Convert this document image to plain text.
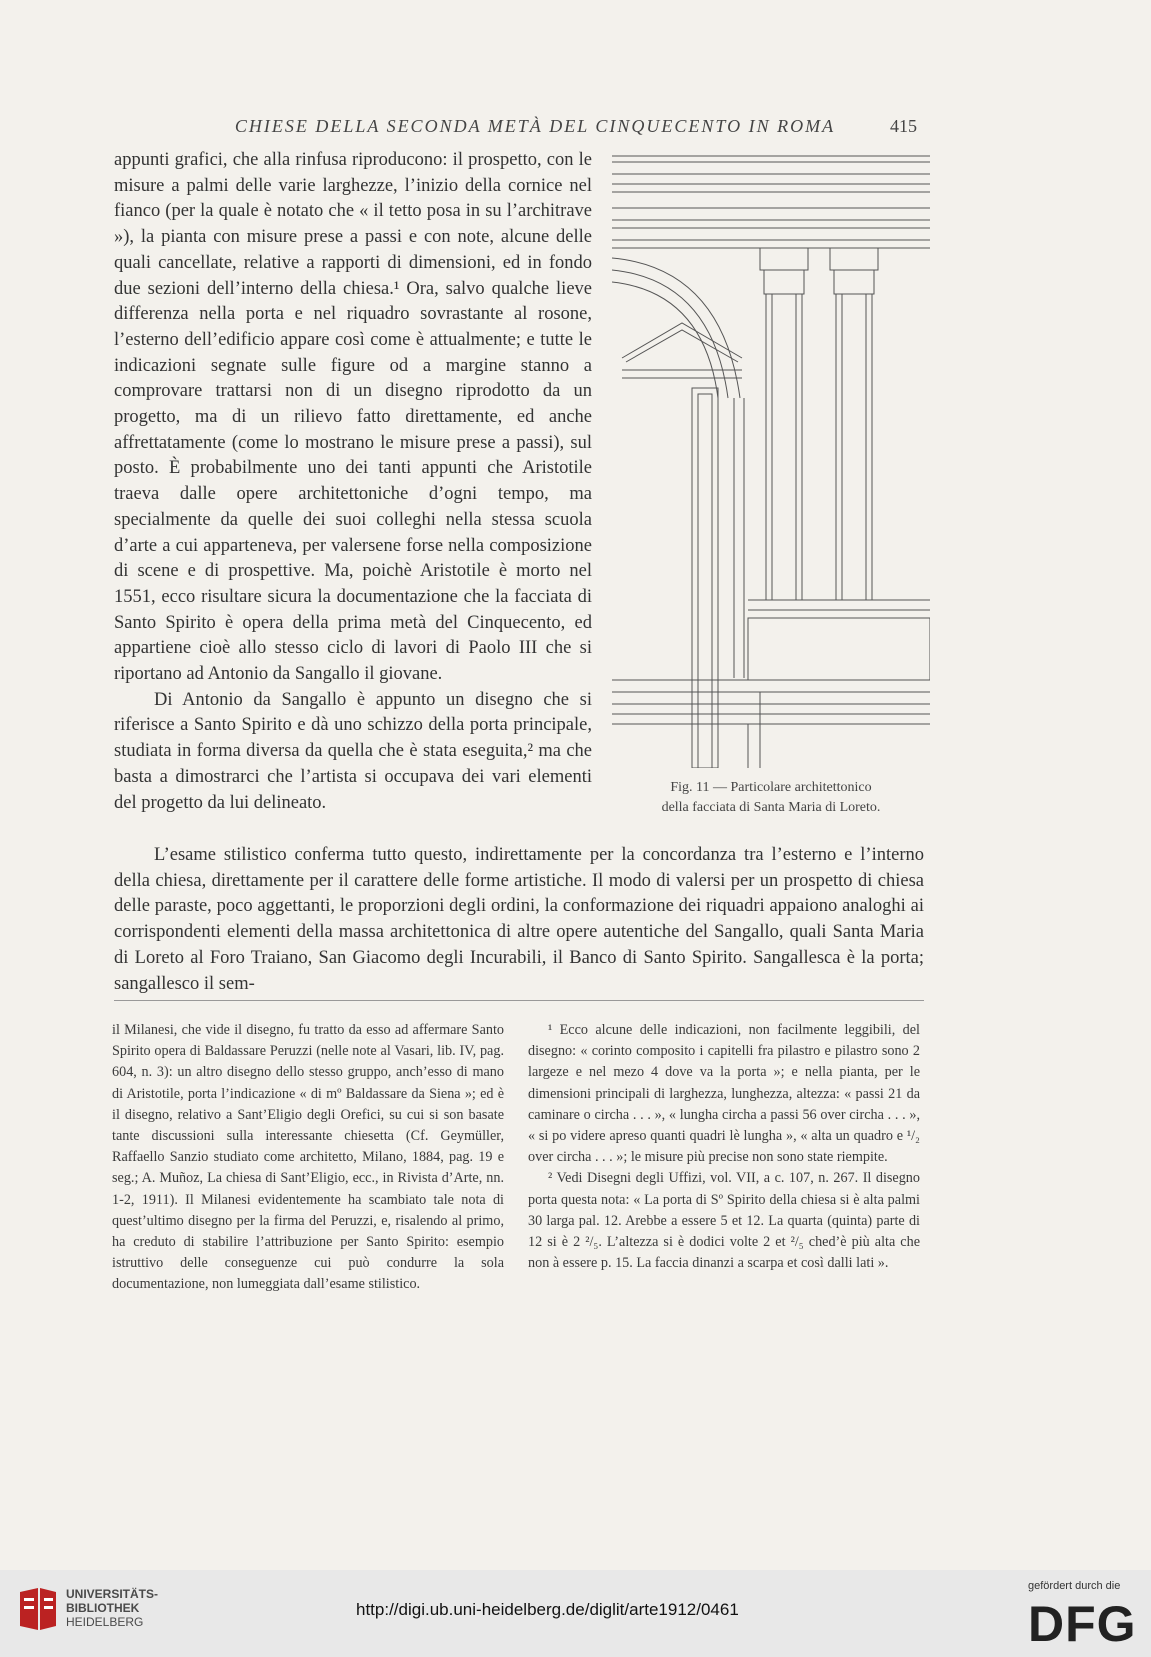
CHIESE DELLA SECONDA METÀ DEL CINQUECENTO IN ROMA	415

appunti grafici, che alla rinfusa riproducono: il prospetto, con le misure a palmi delle varie larghezze, l’inizio della cornice nel fianco (per la quale è notato che « il tetto posa in su l’architrave »), la pianta con misure prese a passi e con note, alcune delle quali cancellate, relative a rapporti di dimensioni, ed in fondo due sezioni dell’interno della chiesa.¹ Ora, salvo qualche lieve differenza nella porta e nel riquadro sovrastante al rosone, l’esterno dell’edificio appare così come è attualmente; e tutte le indicazioni segnate sulle figure od a margine stanno a comprovare trattarsi non di un disegno riprodotto da un progetto, ma di un rilievo fatto direttamente, ed anche affrettatamente (come lo mostrano le misure prese a passi), sul posto. È probabilmente uno dei tanti appunti che Aristotile traeva dalle opere architettoniche d’ogni tempo, ma specialmente da quelle dei suoi colleghi nella stessa scuola d’arte a cui apparteneva, per valersene forse nella composizione di scene e di prospettive. Ma, poichè Aristotile è morto nel 1551, ecco risultare sicura la documentazione che la facciata di Santo Spirito è opera della prima metà del Cinquecento, ed appartiene cioè allo stesso ciclo di lavori di Paolo III che si riportano ad Antonio da Sangallo il giovane.

Di Antonio da Sangallo è appunto un disegno che si riferisce a Santo Spirito e dà uno schizzo della porta principale, studiata in forma diversa da quella che è stata eseguita,² ma che basta a dimostrarci che l’artista si occupava dei vari elementi del progetto da lui delineato.

Fig. 11 — Particolare architettonico
della facciata di Santa Maria di Loreto.
L’esame stilistico conferma tutto questo, indirettamente per la concordanza tra l’esterno e l’interno della chiesa, direttamente per il carattere delle forme artistiche. Il modo di valersi per un prospetto di chiesa delle paraste, poco aggettanti, le proporzioni degli ordini, la conformazione dei riquadri appaiono analoghi ai corrispondenti elementi della massa architettonica di altre opere autentiche del Sangallo, quali Santa Maria di Loreto al Foro Traiano, San Giacomo degli Incurabili, il Banco di Santo Spirito. Sangallesca è la porta; sangallesco il sem-

il Milanesi, che vide il disegno, fu tratto da esso ad affermare Santo Spirito opera di Baldassare Peruzzi (nelle note al Vasari, lib. IV, pag. 604, n. 3): un altro disegno dello stesso gruppo, anch’esso di mano di Aristotile, porta l’indicazione « di mº Baldassare da Siena »; ed è il disegno, relativo a Sant’Eligio degli Orefici, su cui si son basate tante discussioni sulla interessante chiesetta (Cf. Geymüller, Raffaello Sanzio studiato come architetto, Milano, 1884, pag. 19 e seg.; A. Muñoz, La chiesa di Sant’Eligio, ecc., in Rivista d’Arte, nn. 1-2, 1911). Il Milanesi evidentemente ha scambiato tale nota di quest’ultimo disegno per la firma del Peruzzi, e, risalendo al primo, ha creduto di stabilire l’attribuzione per Santo Spirito: esempio istruttivo delle conseguenze cui può condurre la sola documentazione, non lumeggiata dall’esame stilistico.

¹ Ecco alcune delle indicazioni, non facilmente leggibili, del disegno: « corinto composito i capitelli fra pilastro e pilastro sono 2 largeze e nel mezo 4 dove va la porta »; e nella pianta, per le dimensioni principali di larghezza, lunghezza, altezza: « passi 21 da caminare o circha . . . », « lungha circha a passi 56 over circha . . . », « si po videre apreso quanti quadri lè lungha », « alta un quadro e ¹/₂ over circha . . . »; le misure più precise non sono state riempite.

² Vedi Disegni degli Uffizi, vol. VII, a c. 107, n. 267. Il disegno porta questa nota: « La porta di Sº Spirito della chiesa si è alta palmi 30 larga pal. 12. Arebbe a essere 5 et 12. La quarta (quinta) parte di 12 si è 2 ²/₅. L’altezza si è dodici volte 2 et ²/₅ ched’è più alta che non à essere p. 15. La faccia dinanzi a scarpa et così dalli lati ».

UNIVERSITÄTS-
BIBLIOTHEK
HEIDELBERG
http://digi.ub.uni-heidelberg.de/diglit/arte1912/0461
gefördert durch die
DFG
